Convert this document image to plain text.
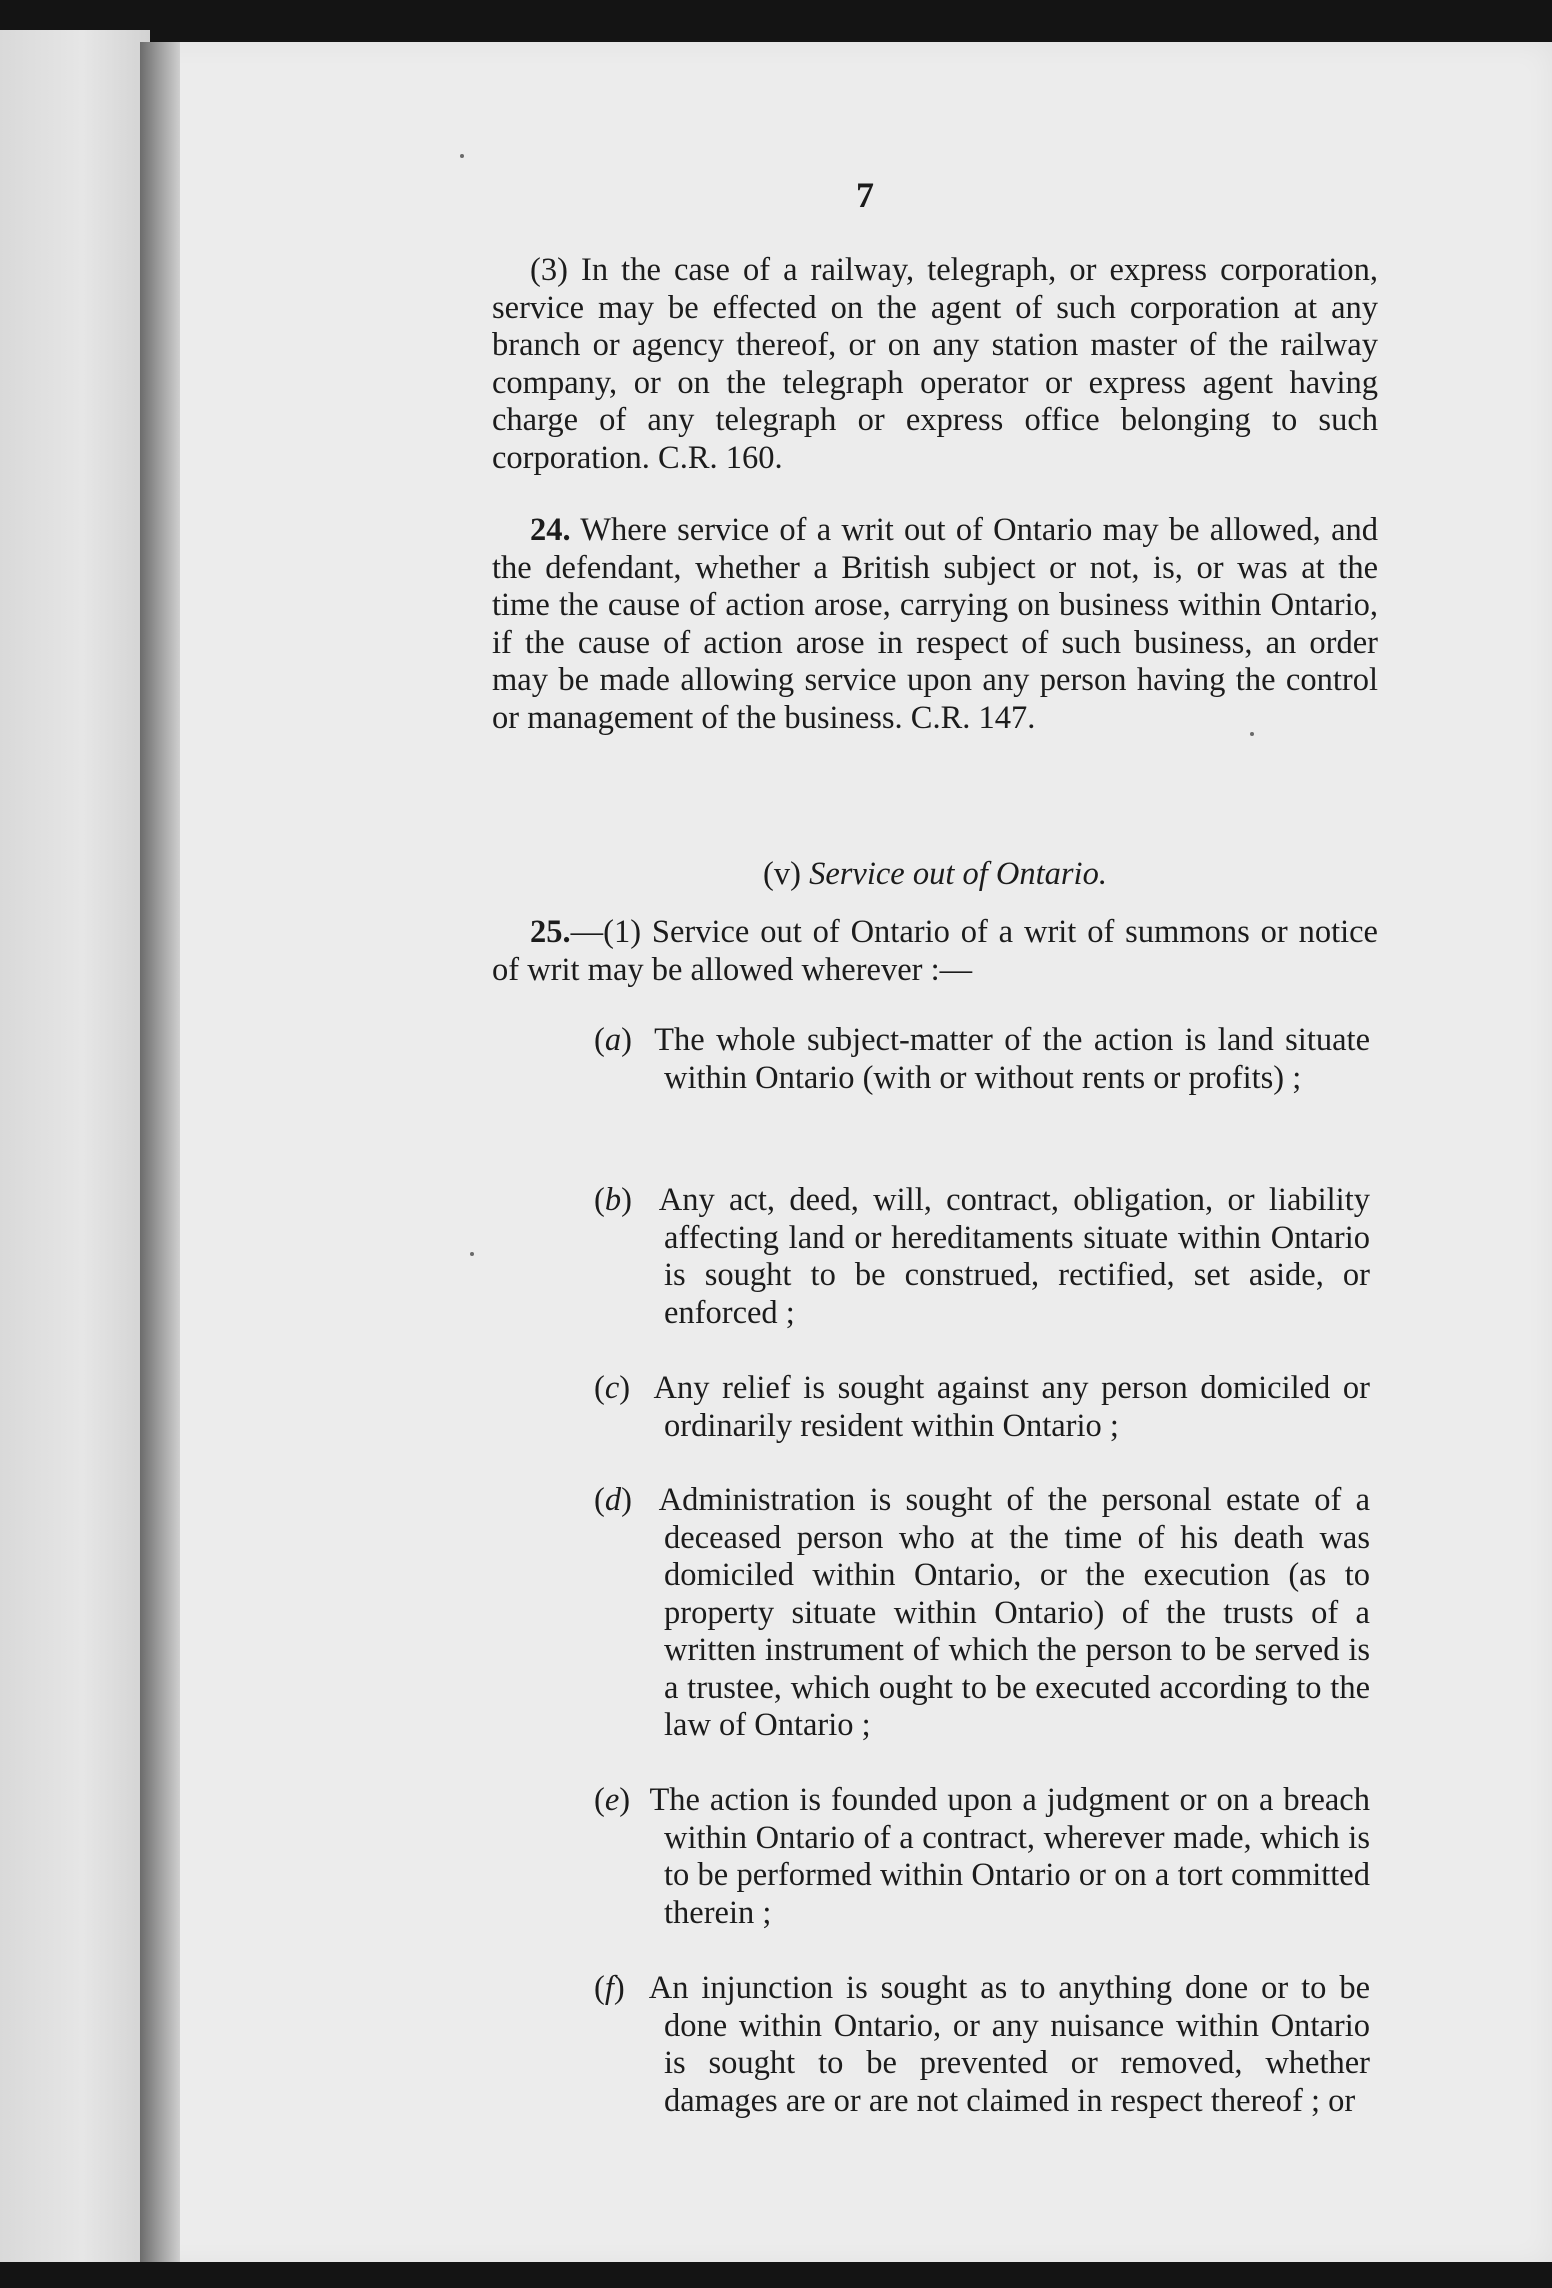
7
(3) In the case of a railway, telegraph, or express corporation, service may be effected on the agent of such corporation at any branch or agency thereof, or on any station master of the railway company, or on the telegraph operator or express agent having charge of any telegraph or express office belonging to such corporation. C.R. 160.
24. Where service of a writ out of Ontario may be allowed, and the defendant, whether a British subject or not, is, or was at the time the cause of action arose, carrying on business within Ontario, if the cause of action arose in respect of such business, an order may be made allowing service upon any person having the control or management of the business. C.R. 147.
(v) Service out of Ontario.
25.—(1) Service out of Ontario of a writ of summons or notice of writ may be allowed wherever :—
(a)  The whole subject-matter of the action is land situate within Ontario (with or without rents or profits) ;
(b)  Any act, deed, will, contract, obligation, or liability affecting land or hereditaments situate within Ontario is sought to be construed, rectified, set aside, or enforced ;
(c)  Any relief is sought against any person domiciled or ordinarily resident within Ontario ;
(d)  Administration is sought of the personal estate of a deceased person who at the time of his death was domiciled within Ontario, or the execution (as to property situate within Ontario) of the trusts of a written instrument of which the person to be served is a trustee, which ought to be executed according to the law of Ontario ;
(e)  The action is founded upon a judgment or on a breach within Ontario of a contract, wherever made, which is to be performed within Ontario or on a tort committed therein ;
(f)  An injunction is sought as to anything done or to be done within Ontario, or any nuisance within Ontario is sought to be prevented or removed, whether damages are or are not claimed in respect thereof ; or
